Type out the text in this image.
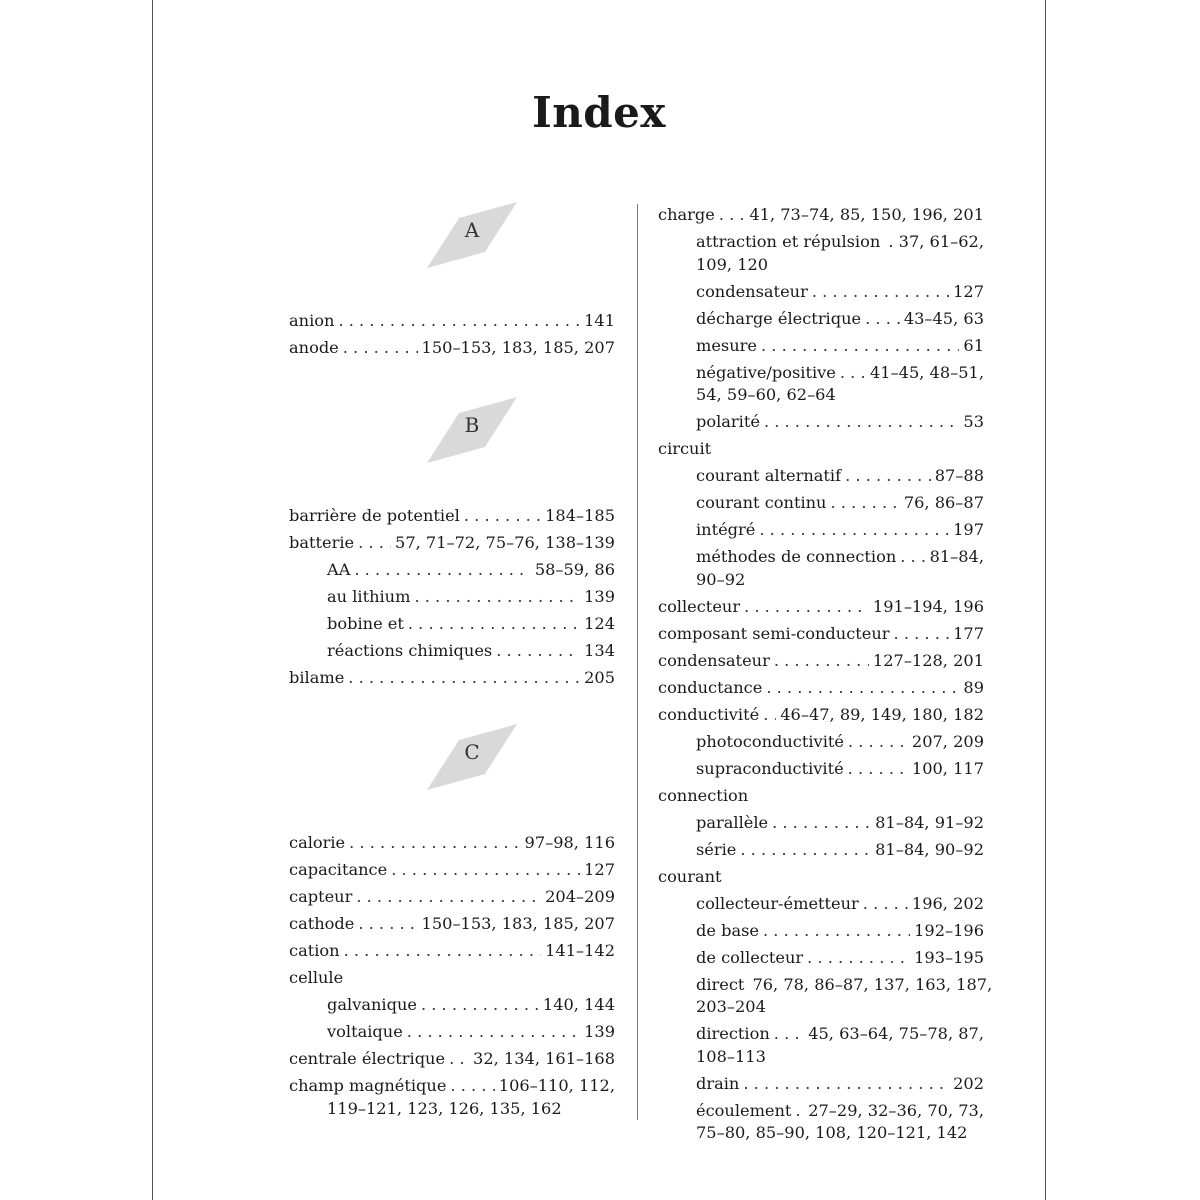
Index
A
anion . . .	141
anode . . .	150–153, 183, 185, 207
B
barrière de potentiel . . .	184–185
batterie . . .	57, 71–72, 75–76, 138–139
AA . . .	58–59, 86
au lithium . . .	139
bobine et . . .	124
réactions chimiques . . .	134
bilame . . .	205
C
calorie . . .	97–98, 116
capacitance . . .	127
capteur . . .	204–209
cathode . . .	150–153, 183, 185, 207
cation . . .	141–142
cellule
galvanique . . .	140, 144
voltaique . . .	139
centrale électrique . . . 32, 134, 161–168
champ magnétique . . .	106–110, 112,
119–121, 123, 126, 135, 162
charge . . . 41, 73–74, 85, 150, 196, 201
attraction et répulsion . . . . 37, 61–62,
109, 120
condensateur . . .	127
décharge électrique . . .	43–45, 63
mesure . . .	61
négative/positive . . . 41–45, 48–51,
54, 59–60, 62–64
polarité . . .	53
circuit
courant alternatif . . .	87–88
courant continu . . .	76, 86–87
intégré . . .	197
méthodes de connection . . . 81–84,
90–92
collecteur . . .	191–194, 196
composant semi-conducteur . . .	177
condensateur . . .	127–128, 201
conductance . . .	89
conductivité . . . 46–47, 89, 149, 180, 182
photoconductivité . . .	207, 209
supraconductivité . . .	100, 117
connection
parallèle . . .	81–84, 91–92
série . . .	81–84, 90–92
courant
collecteur-émetteur . . .	196, 202
de base . . .	192–196
de collecteur . . .	193–195
direct 76, 78, 86–87, 137, 163, 187,
203–204
direction . . . 45, 63–64, 75–78, 87,
108–113
drain . . .	202
écoulement . . . 27–29, 32–36, 70, 73,
75–80, 85–90, 108, 120–121, 142
